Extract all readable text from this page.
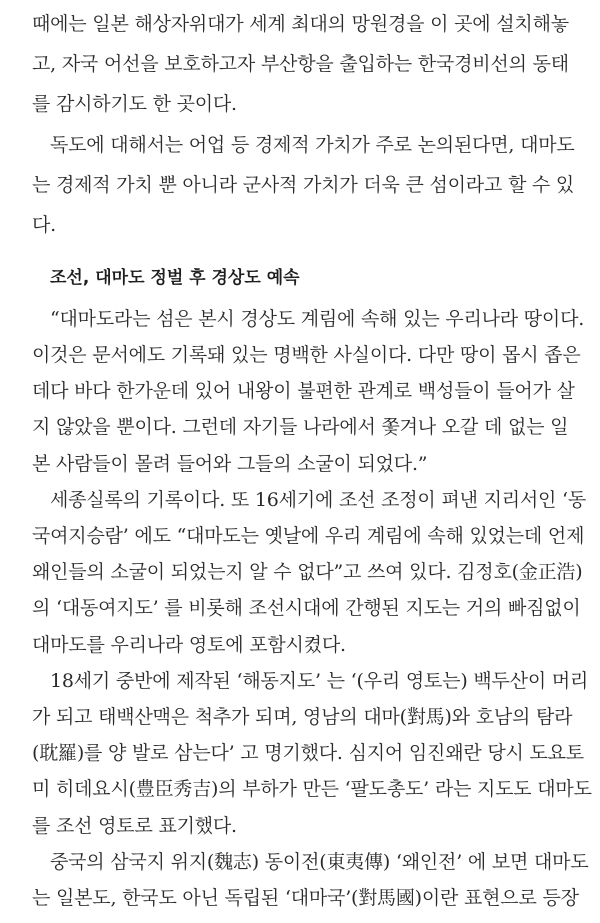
때에는 일본 해상자위대가 세계 최대의 망원경을 이 곳에 설치해놓
고, 자국 어선을 보호하고자 부산항을 출입하는 한국경비선의 동태
를 감시하기도 한 곳이다.
독도에 대해서는 어업 등 경제적 가치가 주로 논의된다면, 대마도
는 경제적 가치 뿐 아니라 군사적 가치가 더욱 큰 섬이라고 할 수 있
다.
조선, 대마도 정벌 후 경상도 예속
“대마도라는 섬은 본시 경상도 계림에 속해 있는 우리나라 땅이다.
이것은 문서에도 기록돼 있는 명백한 사실이다. 다만 땅이 몹시 좁은
데다 바다 한가운데 있어 내왕이 불편한 관계로 백성들이 들어가 살
지 않았을 뿐이다. 그런데 자기들 나라에서 쫓겨나 오갈 데 없는 일
본 사람들이 몰려 들어와 그들의 소굴이 되었다.”
세종실록의 기록이다. 또 16세기에 조선 조정이 펴낸 지리서인 ‘동
국여지승람’ 에도 “대마도는 옛날에 우리 계림에 속해 있었는데 언제
왜인들의 소굴이 되었는지 알 수 없다”고 쓰여 있다. 김정호(金正浩)
의 ‘대동여지도’ 를 비롯해 조선시대에 간행된 지도는 거의 빠짐없이
대마도를 우리나라 영토에 포함시켰다.
18세기 중반에 제작된 ‘해동지도’ 는 ‘(우리 영토는) 백두산이 머리
가 되고 태백산맥은 척추가 되며, 영남의 대마(對馬)와 호남의 탐라
(耽羅)를 양 발로 삼는다’ 고 명기했다. 심지어 임진왜란 당시 도요토
미 히데요시(豊臣秀吉)의 부하가 만든 ‘팔도총도’ 라는 지도도 대마도
를 조선 영토로 표기했다.
중국의 삼국지 위지(魏志) 동이전(東夷傳) ‘왜인전’ 에 보면 대마도
는 일본도, 한국도 아닌 독립된 ‘대마국’(對馬國)이란 표현으로 등장
